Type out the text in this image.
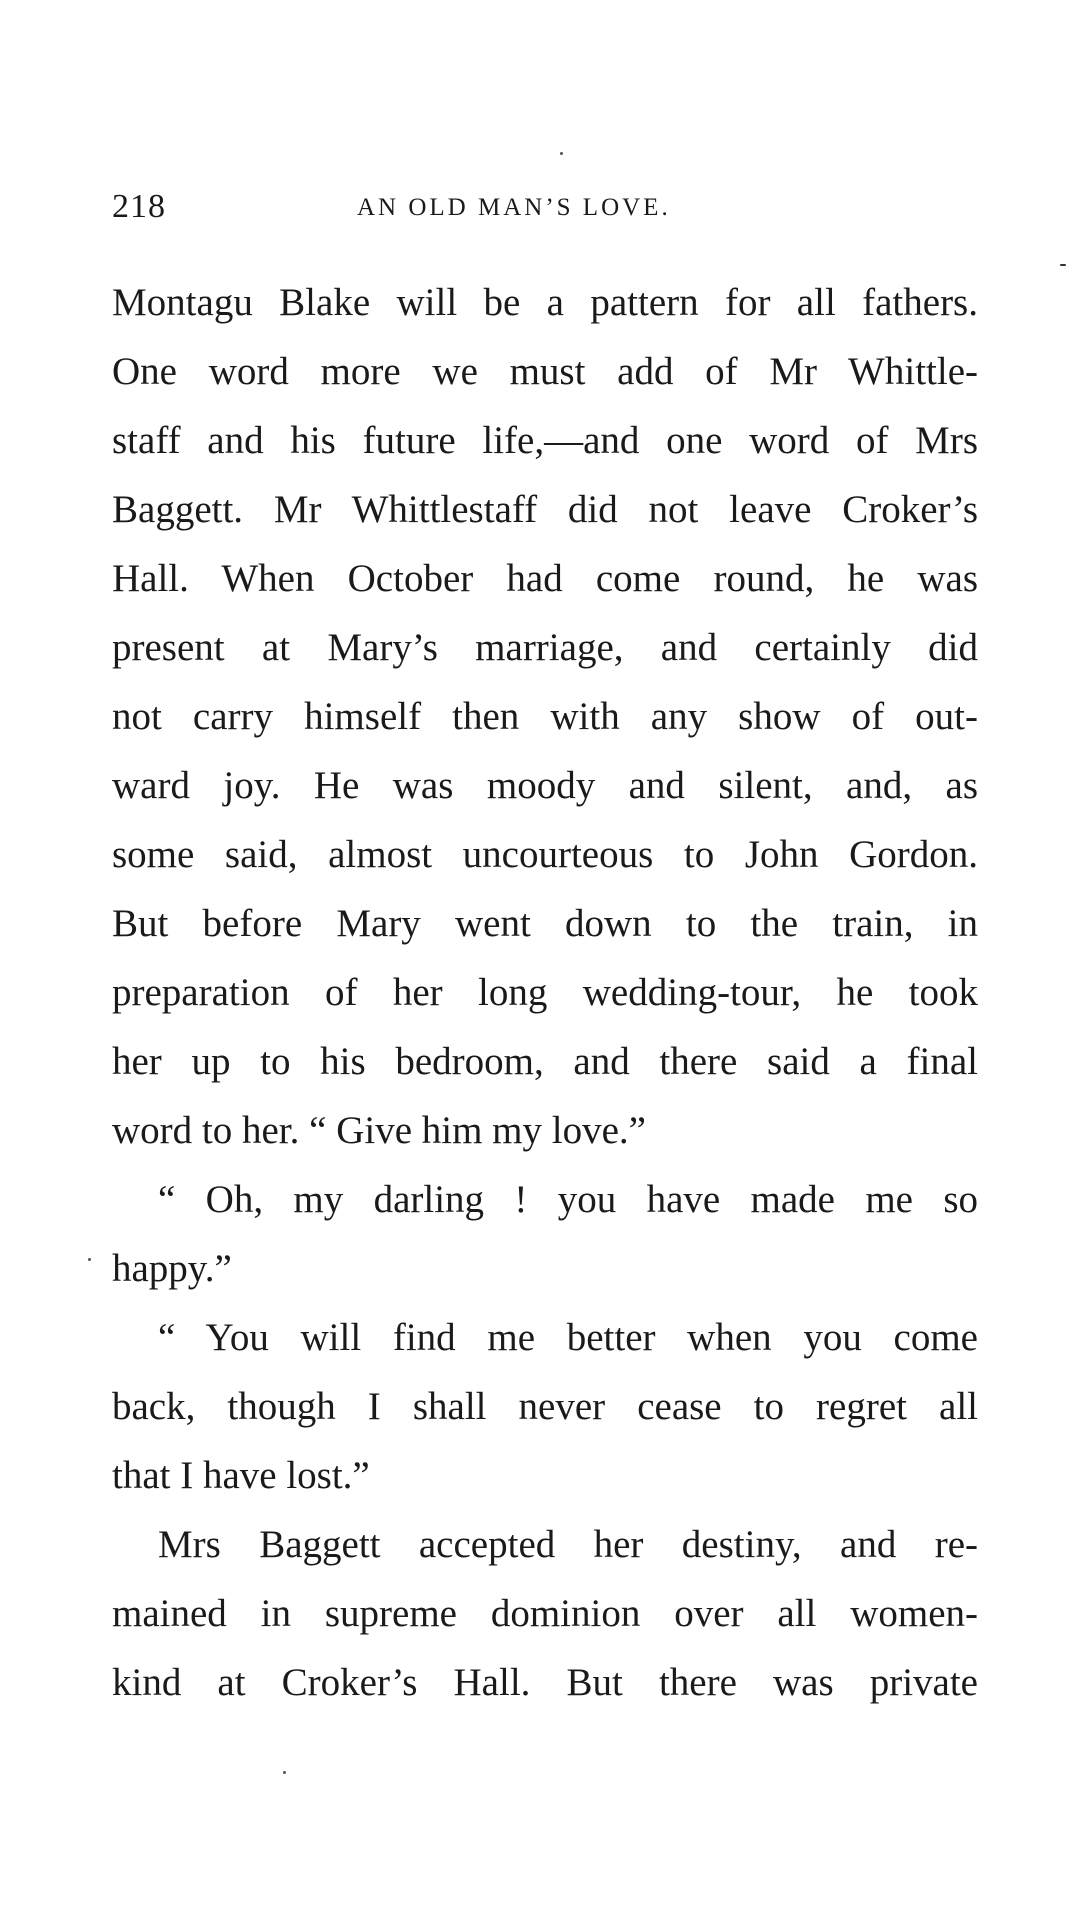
218	AN OLD MAN’S LOVE.
Montagu Blake will be a pattern for all fathers.
One word more we must add of Mr Whittle-
staff and his future life,—and one word of Mrs
Baggett. Mr Whittlestaff did not leave Croker’s
Hall. When October had come round, he was
present at Mary’s marriage, and certainly did
not carry himself then with any show of out-
ward joy. He was moody and silent, and, as
some said, almost uncourteous to John Gordon.
But before Mary went down to the train, in
preparation of her long wedding-tour, he took
her up to his bedroom, and there said a final
word to her. “ Give him my love.”
“ Oh, my darling ! you have made me so
happy.”
“ You will find me better when you come
back, though I shall never cease to regret all
that I have lost.”
Mrs Baggett accepted her destiny, and re-
mained in supreme dominion over all women-
kind at Croker’s Hall. But there was private
